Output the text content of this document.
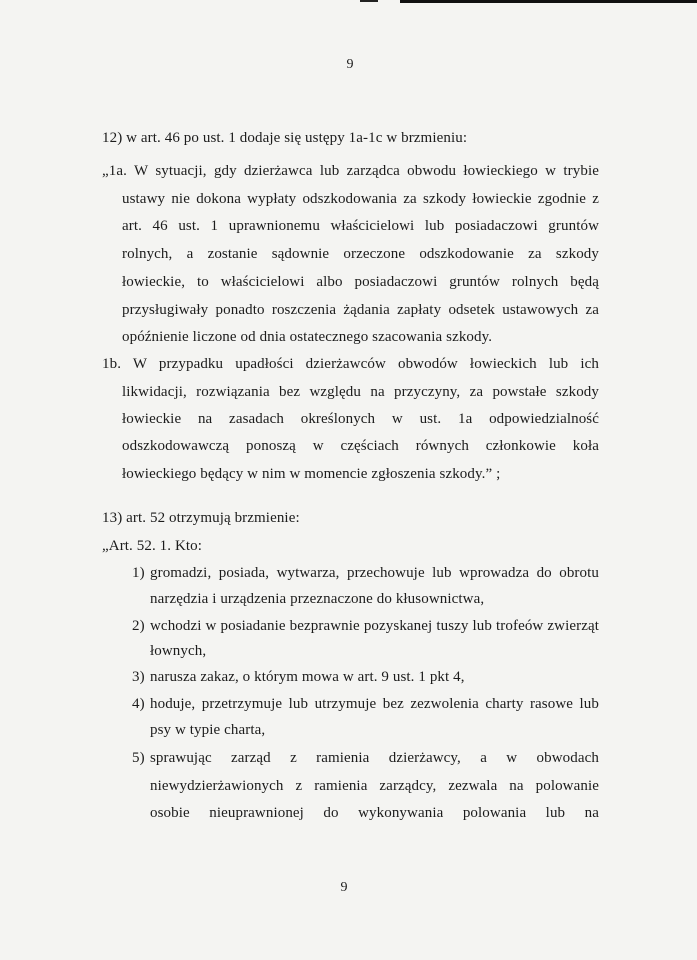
9
12) w art. 46 po ust. 1 dodaje się ustępy 1a-1c w brzmieniu:
„1a. W sytuacji, gdy dzierżawca lub zarządca obwodu łowieckiego w trybie
ustawy nie dokona wypłaty odszkodowania za szkody łowieckie zgodnie z
art. 46 ust. 1 uprawnionemu właścicielowi lub posiadaczowi gruntów
rolnych, a zostanie sądownie orzeczone odszkodowanie za szkody
łowieckie, to właścicielowi albo posiadaczowi gruntów rolnych będą
przysługiwały ponadto roszczenia żądania zapłaty odsetek ustawowych za
opóźnienie liczone od dnia ostatecznego szacowania szkody.
1b. W przypadku upadłości dzierżawców obwodów łowieckich lub ich
likwidacji, rozwiązania bez względu na przyczyny, za powstałe szkody
łowieckie na zasadach określonych w ust. 1a odpowiedzialność
odszkodowawczą ponoszą w częściach równych członkowie koła
łowieckiego będący w nim w momencie zgłoszenia szkody.” ;
13) art. 52 otrzymują brzmienie:
„Art. 52. 1. Kto:
1) gromadzi, posiada, wytwarza, przechowuje lub wprowadza do obrotu
narzędzia i urządzenia przeznaczone do kłusownictwa,
2) wchodzi w posiadanie bezprawnie pozyskanej tuszy lub trofeów zwierząt
łownych,
3) narusza zakaz, o którym mowa w art. 9 ust. 1 pkt 4,
4) hoduje, przetrzymuje lub utrzymuje bez zezwolenia charty rasowe lub
psy w typie charta,
5) sprawując zarząd z ramienia dzierżawcy, a w obwodach
niewydzierżawionych z ramienia zarządcy, zezwala na polowanie
osobie nieuprawnionej do wykonywania polowania lub na
9
